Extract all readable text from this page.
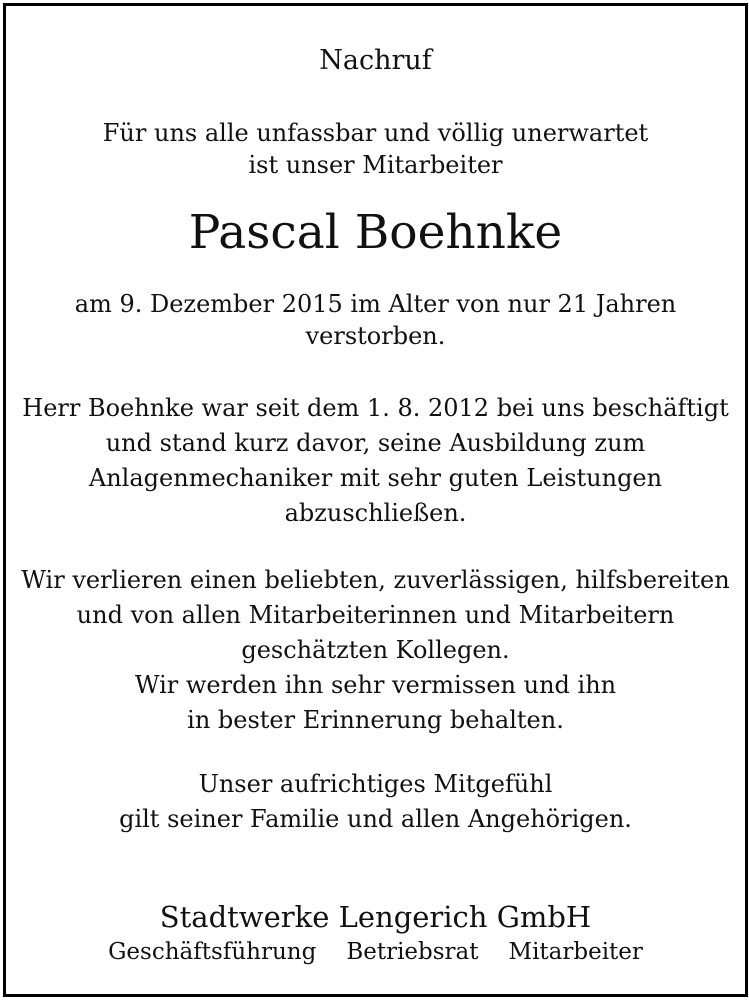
Nachruf
Für uns alle unfassbar und völlig unerwartet
ist unser Mitarbeiter
Pascal Boehnke
am 9. Dezember 2015 im Alter von nur 21 Jahren
verstorben.
Herr Boehnke war seit dem 1. 8. 2012 bei uns beschäftigt
und stand kurz davor, seine Ausbildung zum
Anlagenmechaniker mit sehr guten Leistungen
abzuschließen.
Wir verlieren einen beliebten, zuverlässigen, hilfsbereiten
und von allen Mitarbeiterinnen und Mitarbeitern
geschätzten Kollegen.
Wir werden ihn sehr vermissen und ihn
in bester Erinnerung behalten.
Unser aufrichtiges Mitgefühl
gilt seiner Familie und allen Angehörigen.
Stadtwerke Lengerich GmbH
Geschäftsführung Betriebsrat Mitarbeiter
